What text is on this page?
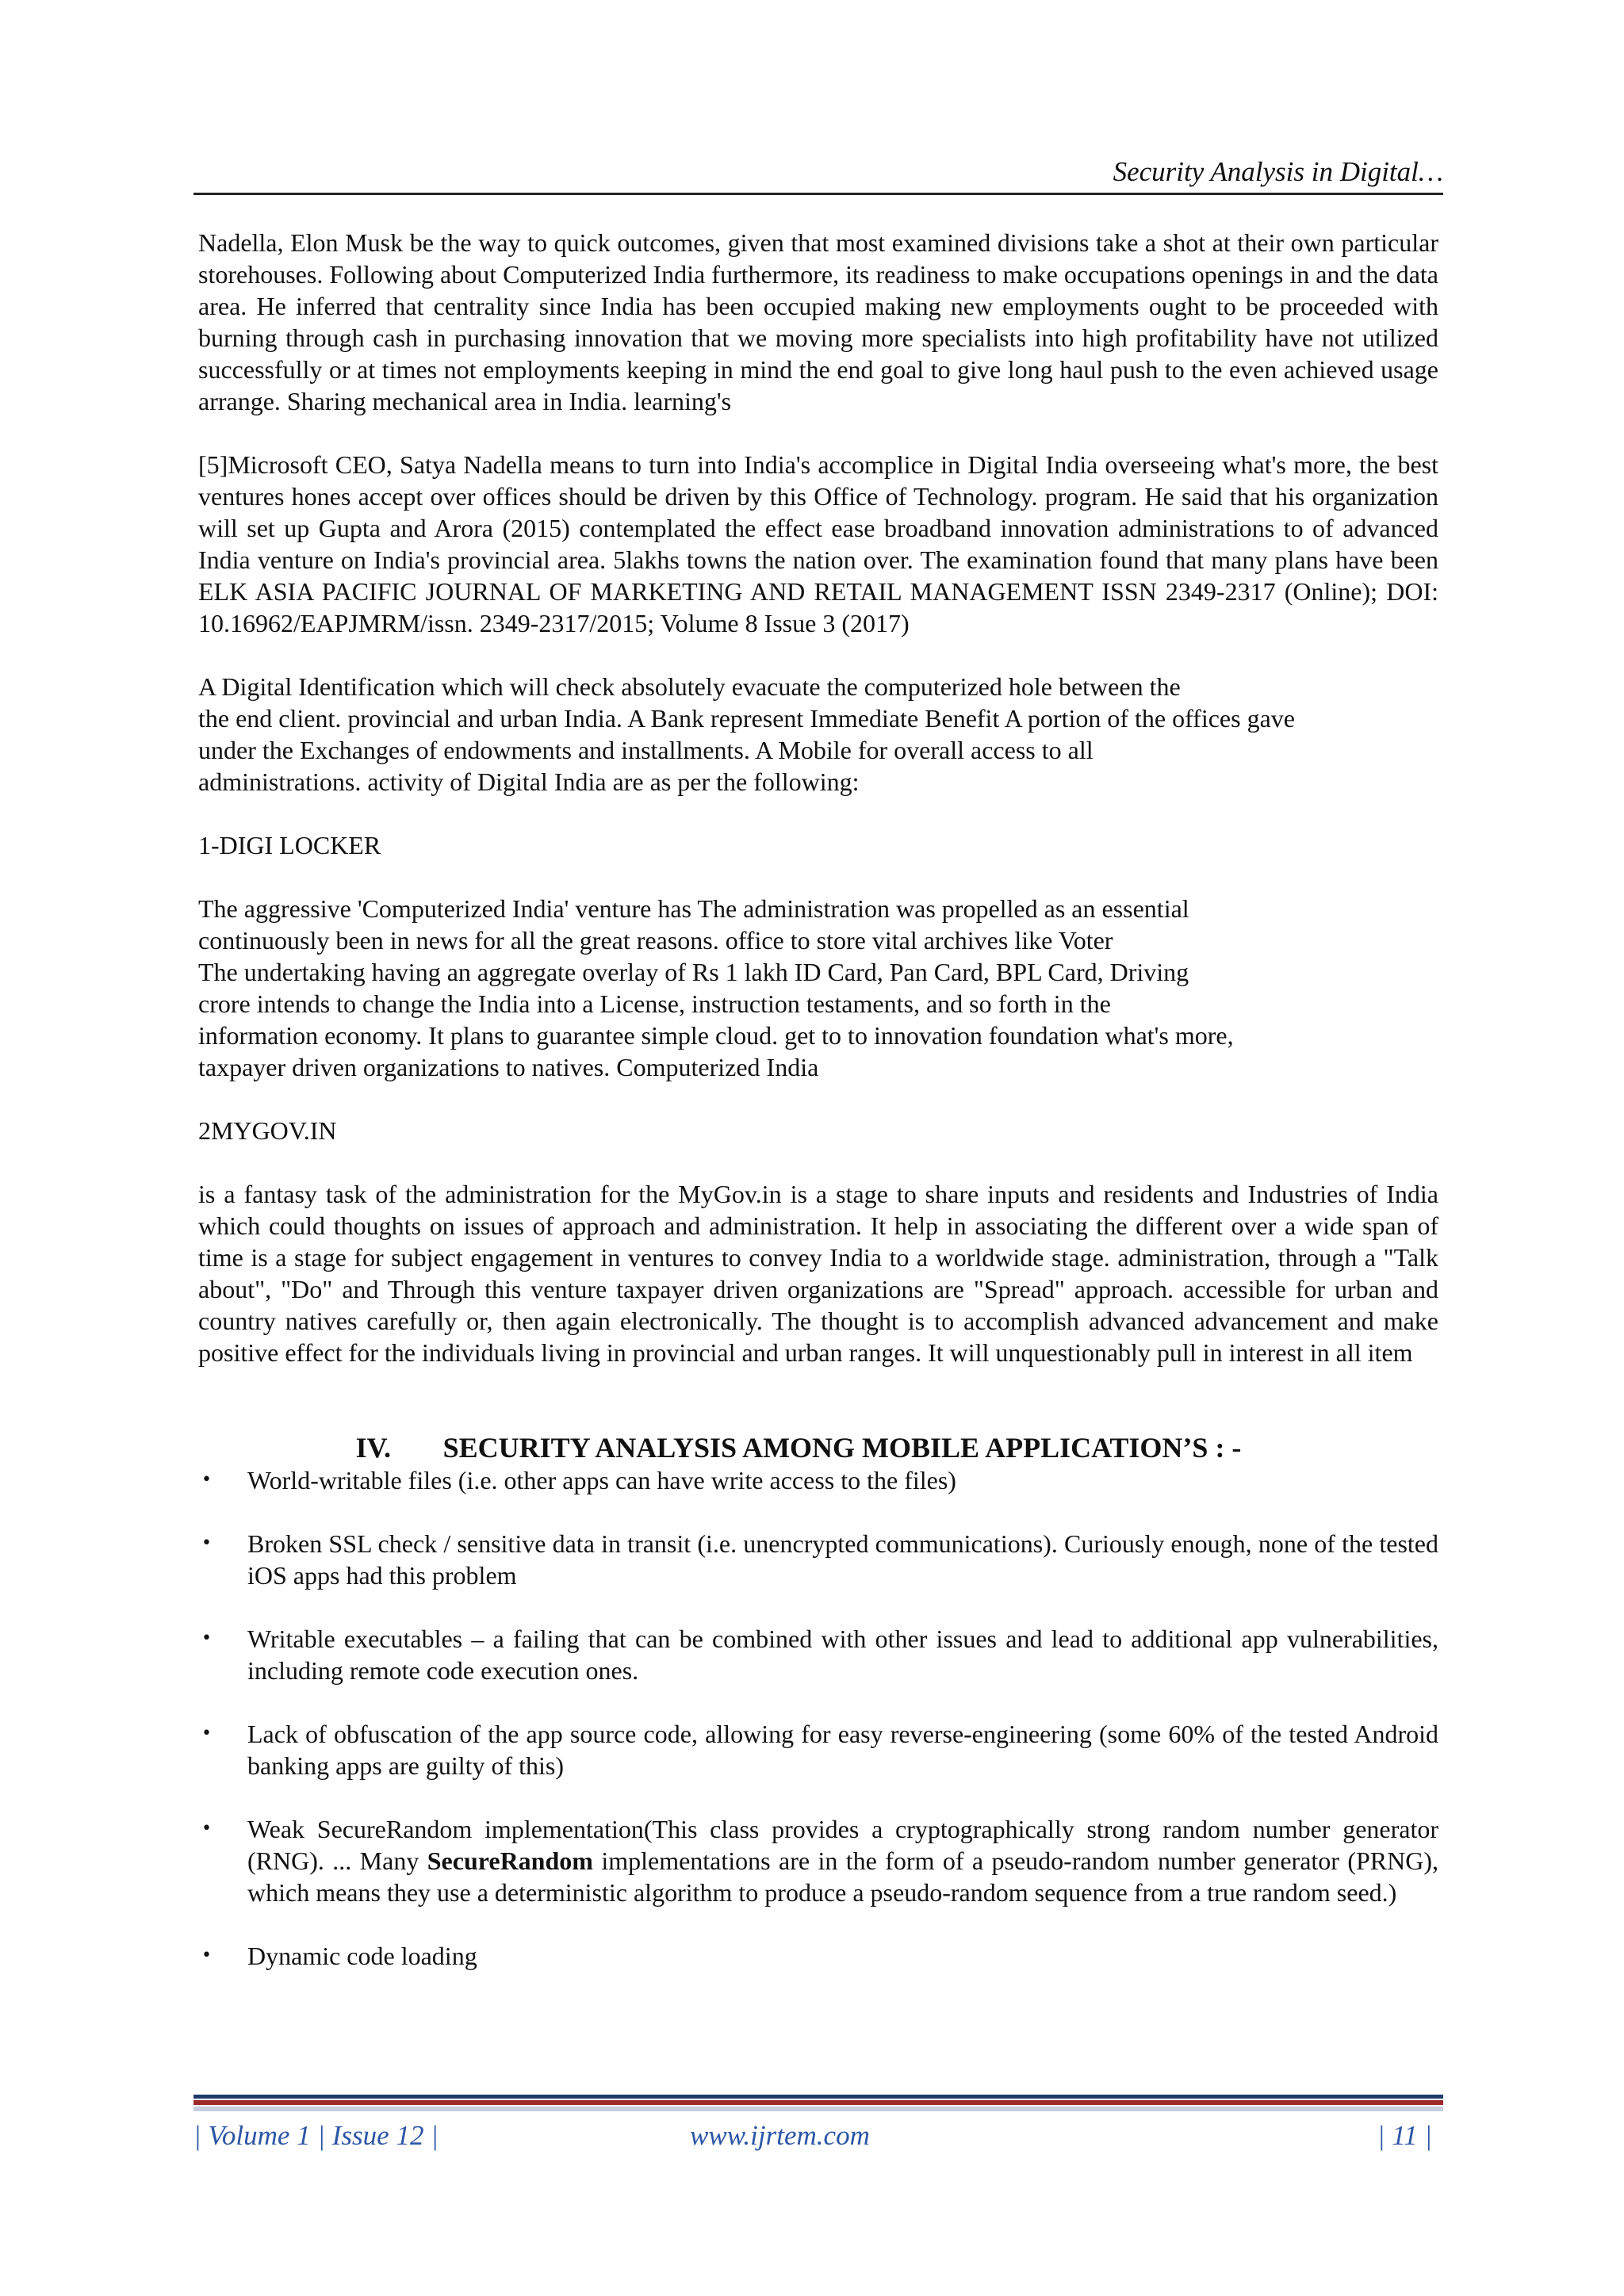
Security Analysis in Digital…

Nadella, Elon Musk be the way to quick outcomes, given that most examined divisions take a shot at their own particular storehouses. Following about Computerized India furthermore, its readiness to make occupations openings in and the data area. He inferred that centrality since India has been occupied making new employments ought to be proceeded with burning through cash in purchasing innovation that we moving more specialists into high profitability have not utilized successfully or at times not employments keeping in mind the end goal to give long haul push to the even achieved usage arrange. Sharing mechanical area in India. learning's

[5]Microsoft CEO, Satya Nadella means to turn into India's accomplice in Digital India overseeing what's more, the best ventures hones accept over offices should be driven by this Office of Technology. program. He said that his organization will set up Gupta and Arora (2015) contemplated the effect ease broadband innovation administrations to of advanced India venture on India's provincial area. 5lakhs towns the nation over. The examination found that many plans have been ELK ASIA PACIFIC JOURNAL OF MARKETING AND RETAIL MANAGEMENT ISSN 2349-2317 (Online); DOI: 10.16962/EAPJMRM/issn. 2349-2317/2015; Volume 8 Issue 3 (2017)

A Digital Identification which will check absolutely evacuate the computerized hole between the
the end client. provincial and urban India. A Bank represent Immediate Benefit A portion of the offices gave
under the Exchanges of endowments and installments. A Mobile for overall access to all
administrations. activity of Digital India are as per the following:

1-DIGI LOCKER

The aggressive 'Computerized India' venture has The administration was propelled as an essential
continuously been in news for all the great reasons. office to store vital archives like Voter
The undertaking having an aggregate overlay of Rs 1 lakh ID Card, Pan Card, BPL Card, Driving
crore intends to change the India into a License, instruction testaments, and so forth in the
information economy. It plans to guarantee simple cloud. get to to innovation foundation what's more,
taxpayer driven organizations to natives. Computerized India

2MYGOV.IN

is a fantasy task of the administration for the MyGov.in is a stage to share inputs and residents and Industries of India which could thoughts on issues of approach and administration. It help in associating the different over a wide span of time is a stage for subject engagement in ventures to convey India to a worldwide stage. administration, through a "Talk about", "Do" and Through this venture taxpayer driven organizations are "Spread" approach. accessible for urban and country natives carefully or, then again electronically. The thought is to accomplish advanced advancement and make positive effect for the individuals living in provincial and urban ranges. It will unquestionably pull in interest in all item

IV. SECURITY ANALYSIS AMONG MOBILE APPLICATION’S : -
• World-writable files (i.e. other apps can have write access to the files)
• Broken SSL check / sensitive data in transit (i.e. unencrypted communications). Curiously enough, none of the tested iOS apps had this problem
• Writable executables – a failing that can be combined with other issues and lead to additional app vulnerabilities, including remote code execution ones.
• Lack of obfuscation of the app source code, allowing for easy reverse-engineering (some 60% of the tested Android banking apps are guilty of this)
• Weak SecureRandom implementation(This class provides a cryptographically strong random number generator (RNG). ... Many SecureRandom implementations are in the form of a pseudo-random number generator (PRNG), which means they use a deterministic algorithm to produce a pseudo-random sequence from a true random seed.)
• Dynamic code loading
| Volume 1 | Issue 12 |	www.ijrtem.com	| 11 |
